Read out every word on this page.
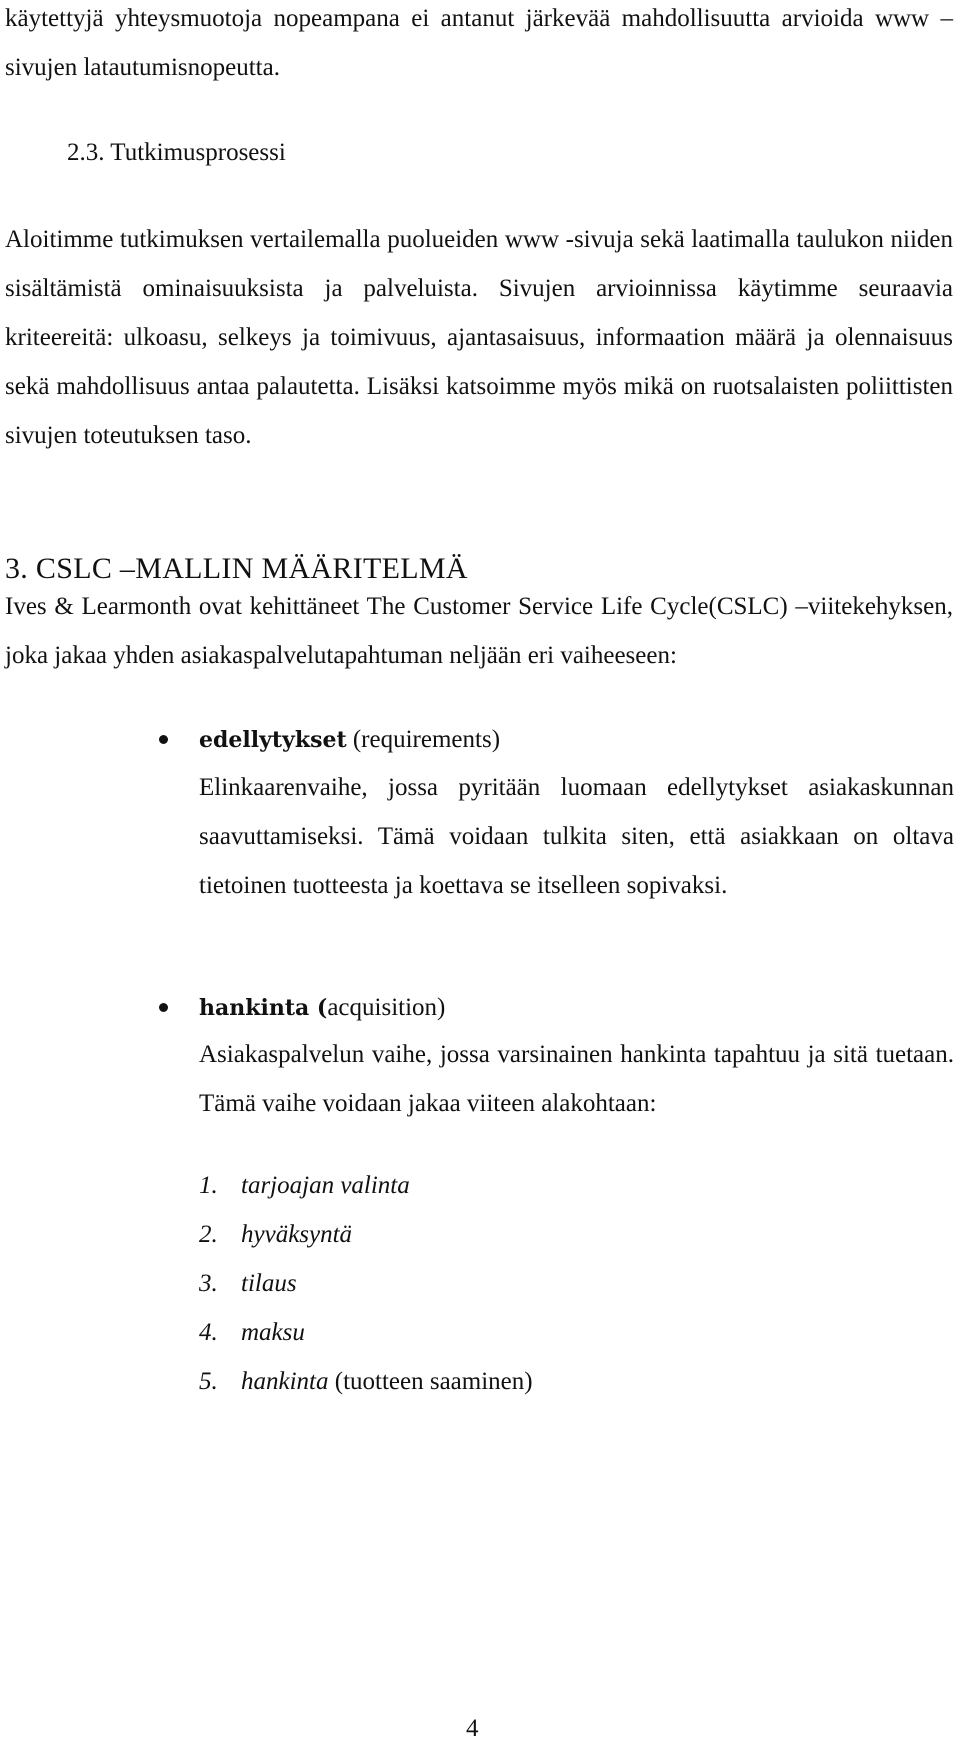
käytettyjä yhteysmuotoja nopeampana ei antanut järkevää mahdollisuutta arvioida www –sivujen latautumisnopeutta.

2.3. Tutkimusprosessi

Aloitimme tutkimuksen vertailemalla puolueiden www -sivuja sekä laatimalla taulukon niiden sisältämistä ominaisuuksista ja palveluista. Sivujen arvioinnissa käytimme seuraavia kriteereitä: ulkoasu, selkeys ja toimivuus, ajantasaisuus, informaation määrä ja olennaisuus sekä mahdollisuus antaa palautetta. Lisäksi katsoimme myös mikä on ruotsalaisten poliittisten sivujen toteutuksen taso.

3. CSLC –MALLIN MÄÄRITELMÄ

Ives & Learmonth ovat kehittäneet The Customer Service Life Cycle(CSLC) –viitekehyksen, joka jakaa yhden asiakaspalvelutapahtuman neljään eri vaiheeseen:

edellytykset (requirements)

Elinkaarenvaihe, jossa pyritään luomaan edellytykset asiakaskunnan saavuttamiseksi. Tämä voidaan tulkita siten, että asiakkaan on oltava tietoinen tuotteesta ja koettava se itselleen sopivaksi.

hankinta (acquisition)

Asiakaspalvelun vaihe, jossa varsinainen hankinta tapahtuu ja sitä tuetaan. Tämä vaihe voidaan jakaa viiteen alakohtaan:

1. tarjoajan valinta
2. hyväksyntä
3. tilaus
4. maksu
5. hankinta (tuotteen saaminen)
4
